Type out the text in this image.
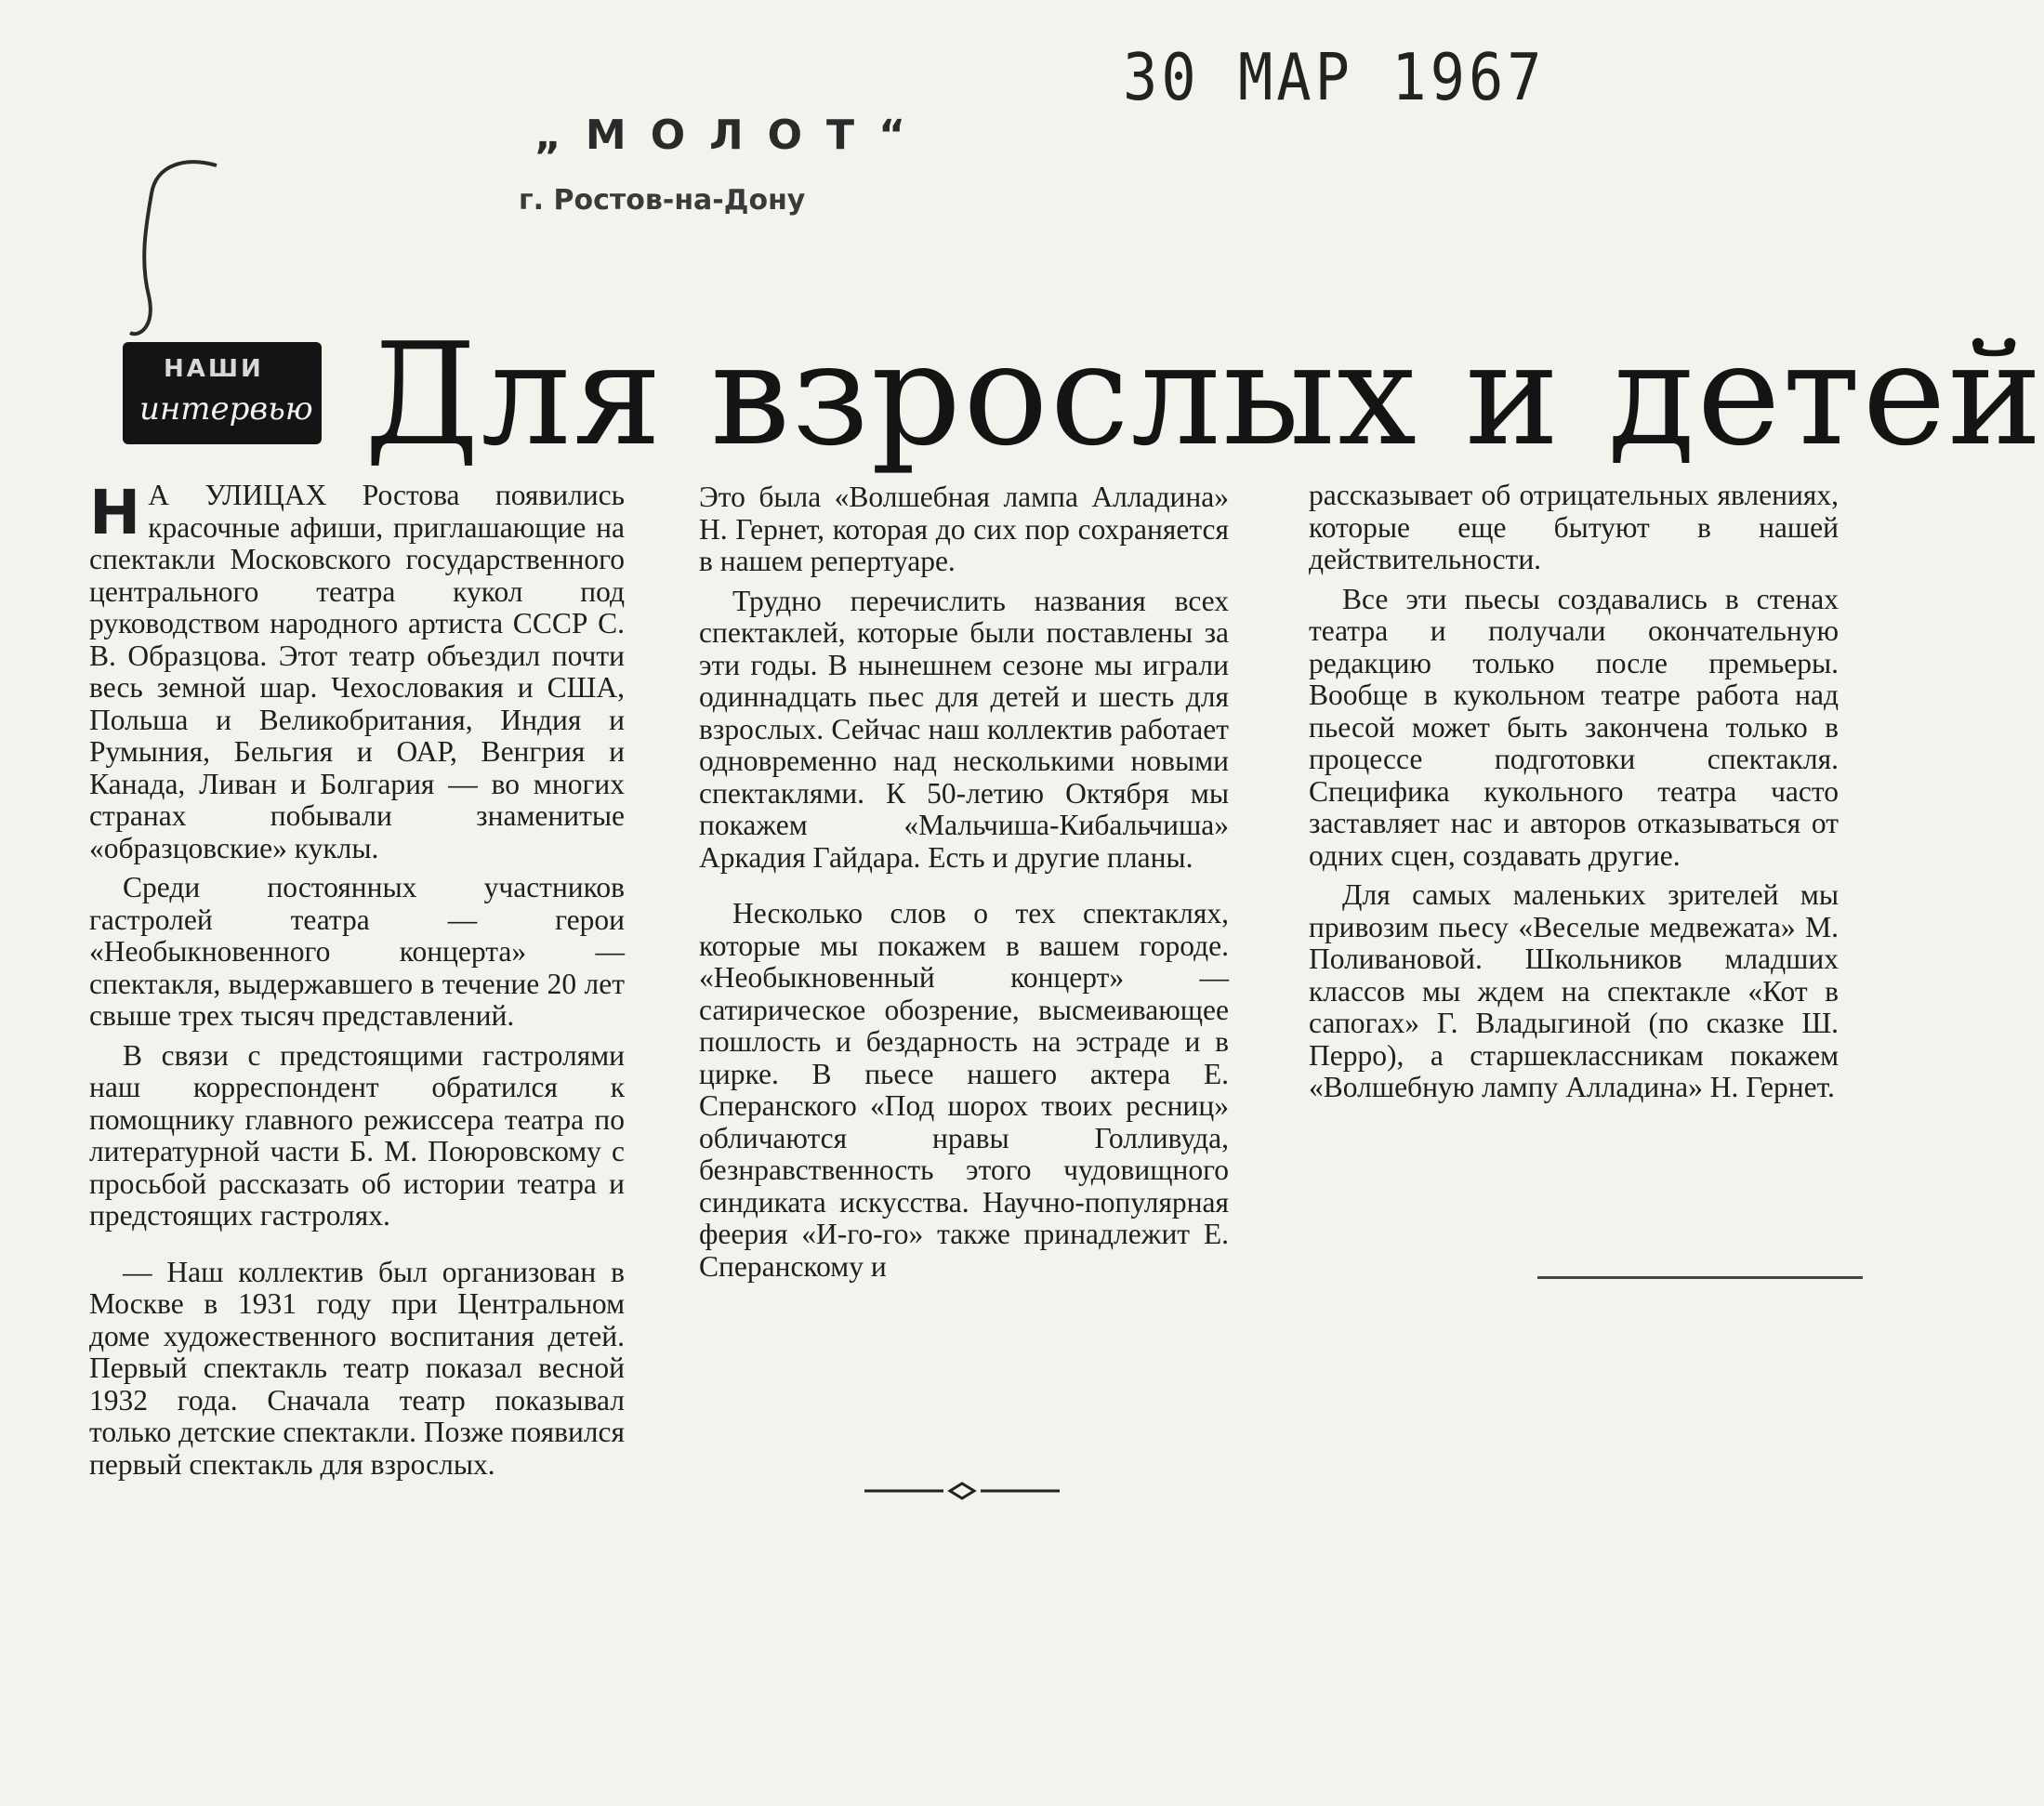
30 МАР 1967
„МОЛОТ“
г. Ростов-на-Дону
НАШИ
интервью Для взрослых и детей

Н А УЛИЦАХ Ростова появились красочные афиши, приглашающие на спектакли Московского государственного центрального театра кукол под руководством народного артиста СССР С. В. Образцова. Этот театр объездил почти весь земной шар. Чехословакия и США, Польша и Великобритания, Индия и Румыния, Бельгия и ОАР, Венгрия и Канада, Ливан и Болгария — во многих странах побывали знаменитые «образцовские» куклы.

Среди постоянных участников гастролей театра — герои «Необыкновенного концерта» — спектакля, выдержавшего в течение 20 лет свыше трех тысяч представлений.

В связи с предстоящими гастролями наш корреспондент обратился к помощнику главного режиссера театра по литературной части Б. М. Поюровскому с просьбой рассказать об истории театра и предстоящих гастролях.

— Наш коллектив был организован в Москве в 1931 году при Центральном доме художественного воспитания детей. Первый спектакль театр показал весной 1932 года. Сначала театр показывал только детские спектакли. Позже появился первый спектакль для взрослых.

Это была «Волшебная лампа Алладина» Н. Гернет, которая до сих пор сохраняется в нашем репертуаре.

Трудно перечислить названия всех спектаклей, которые были поставлены за эти годы. В нынешнем сезоне мы играли одиннадцать пьес для детей и шесть для взрослых. Сейчас наш коллектив работает одновременно над несколькими новыми спектаклями. К 50-летию Октября мы покажем «Мальчиша-Кибальчиша» Аркадия Гайдара. Есть и другие планы.

Несколько слов о тех спектаклях, которые мы покажем в вашем городе. «Необыкновенный концерт» — сатирическое обозрение, высмеивающее пошлость и бездарность на эстраде и в цирке. В пьесе нашего актера Е. Сперанского «Под шорох твоих ресниц» обличаются нравы Голливуда, безнравственность этого чудовищного синдиката искусства. Научно-популярная феерия «И-го-го» также принадлежит Е. Сперанскому и

рассказывает об отрицательных явлениях, которые еще бытуют в нашей действительности.

Все эти пьесы создавались в стенах театра и получали окончательную редакцию только после премьеры. Вообще в кукольном театре работа над пьесой может быть закончена только в процессе подготовки спектакля. Специфика кукольного театра часто заставляет нас и авторов отказываться от одних сцен, создавать другие.

Для самых маленьких зрителей мы привозим пьесу «Веселые медвежата» М. Поливановой. Школьников младших классов мы ждем на спектакле «Кот в сапогах» Г. Владыгиной (по сказке Ш. Перро), а старшеклассникам покажем «Волшебную лампу Алладина» Н. Гернет.
